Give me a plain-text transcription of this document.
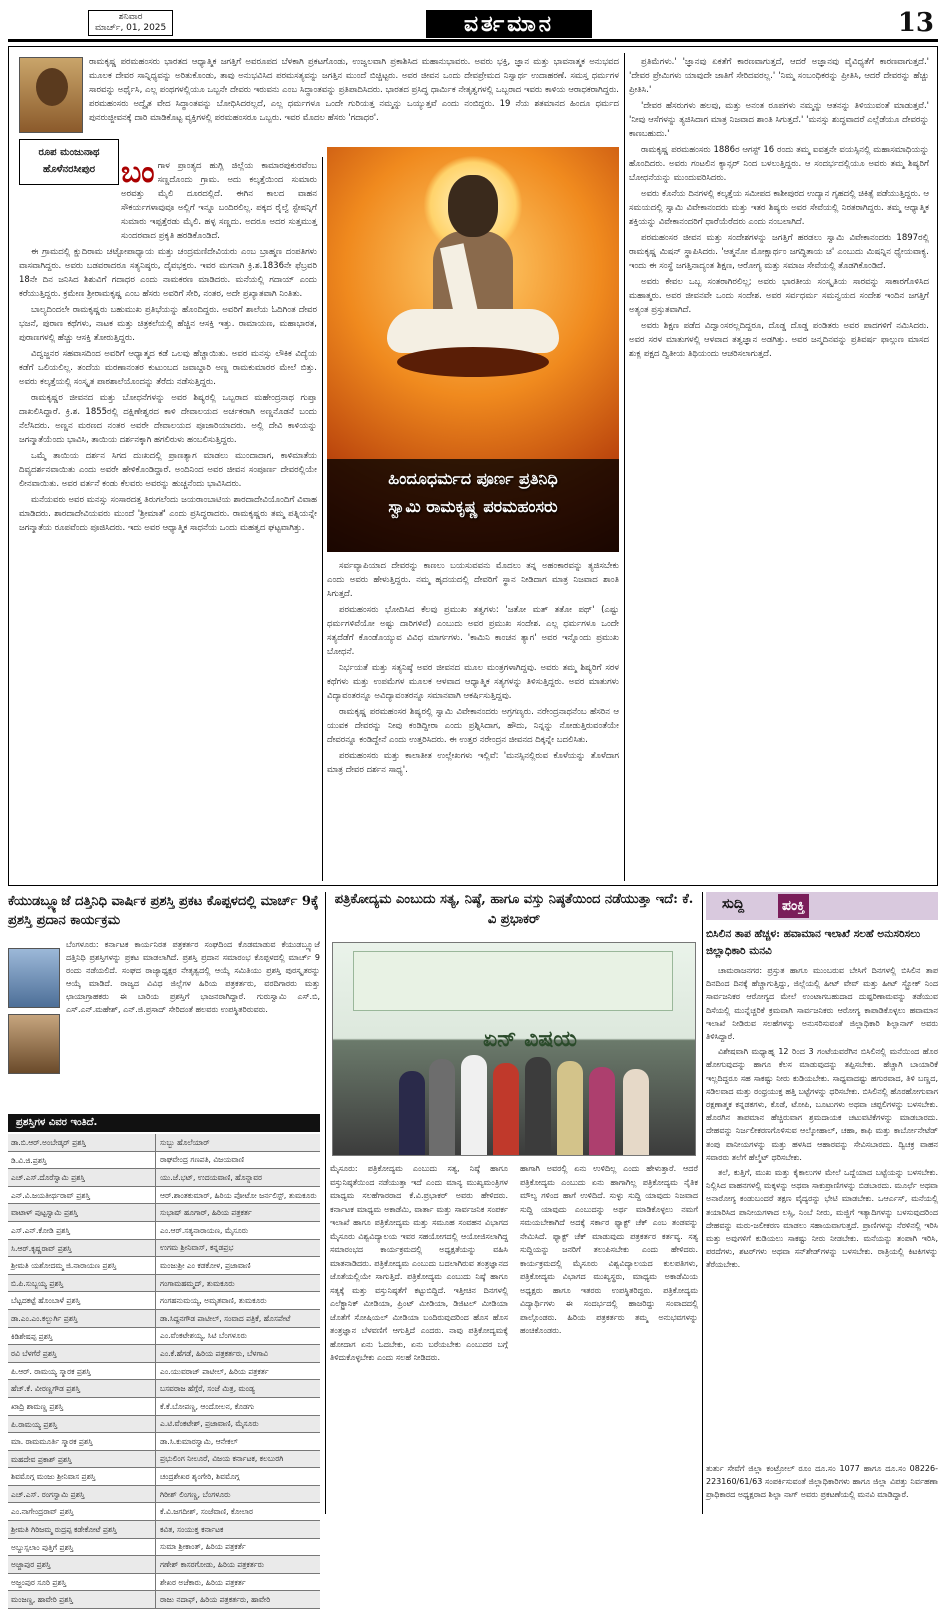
ಶನಿವಾರ
ಮಾರ್ಚ್, 01, 2025	ವರ್ತಮಾನ	13
ರಾಮಕೃಷ್ಣ ಪರಮಹಂಸರು ಭಾರತದ ಆಧ್ಯಾತ್ಮಿಕ ಜಗತ್ತಿಗೆ ಅವರೂಪದ ಬೆಳಕಾಗಿ ಪ್ರಕಟಗೊಂಡು, ಉಜ್ವಲವಾಗಿ ಪ್ರಕಾಶಿಸಿದ ಮಹಾನುಭಾವರು. ಅವರು ಭಕ್ತಿ, ಜ್ಞಾನ ಮತ್ತು ಭಾವನಾತ್ಮಕ ಅನುಭವದ ಮೂಲಕ ದೇವರ ಸಾನ್ನಿಧ್ಯವನ್ನು ಅರಿತುಕೊಂಡು, ತಾವು ಅನುಭವಿಸಿದ ಪರಮಸತ್ಯವನ್ನು ಜಗತ್ತಿನ ಮುಂದೆ ಬಿಚ್ಚಿಟ್ಟರು. ಅವರ ಜೀವನ ಒಂದು ದೇವಪ್ರೇಮದ ನಿಸ್ವಾರ್ಥ ಉದಾಹರಣೆ. ಸಮಸ್ತ ಧರ್ಮಗಳ ಸಾರವನ್ನು ಅರ್ಥೈಸಿ, ಎಲ್ಲ ಪಂಥಗಳಲ್ಲಿಯೂ ಒಬ್ಬನೇ ದೇವರು ಇರುವನು ಎಂಬ ಸಿದ್ಧಾಂತವನ್ನು ಪ್ರತಿಪಾದಿಸಿದರು. ಭಾರತದ ಪ್ರಸಿದ್ಧ ಧಾರ್ಮಿಕ ನೇತೃತ್ವಗಳಲ್ಲಿ ಒಬ್ಬರಾದ ಇವರು ಕಾಳಿಯ ಆರಾಧಕರಾಗಿದ್ದರು. ಪರಮಹಂಸರು ಅದ್ವೈತ ವೇದ ಸಿದ್ಧಾಂತವನ್ನು ಬೋಧಿಸಿದರಲ್ಲದೆ, ಎಲ್ಲ ಧರ್ಮಗಳೂ ಒಂದೇ ಗುರಿಯತ್ತ ನಮ್ಮನ್ನು ಒಯ್ಯುತ್ತವೆ ಎಂದು ನಂಬಿದ್ದರು. 19 ನೆಯ ಶತಮಾನದ ಹಿಂದೂ ಧರ್ಮದ ಪುನರುಜ್ಜೀವನಕ್ಕೆ ದಾರಿ ಮಾಡಿಕೊಟ್ಟ ವ್ಯಕ್ತಿಗಳಲ್ಲಿ ಪರಮಹಂಸರೂ ಒಬ್ಬರು. ಇವರ ಮೊದಲ ಹೆಸರು 'ಗದಾಧರ'.
ರೂಪ ಮಂಜುನಾಥ
ಹೊಳೆನರಸೀಪುರ ಬಂಗಾಳ ಪ್ರಾಂತ್ಯದ ಹುಗ್ಲಿ ಜಿಲ್ಲೆಯ ಕಾಮಾರಪುಕುರವೆಂಬ ಸಣ್ಣದೊಂದು ಗ್ರಾಮ. ಅದು ಕಲ್ಕತ್ತೆಯಿಂದ ಸುಮಾರು ಅರವತ್ತು ಮೈಲಿ ದೂರದಲ್ಲಿದೆ. ಈಗಿನ ಕಾಲದ ವಾಹನ ಸೌಕರ್ಯಗಳಾವುವೂ ಅಲ್ಲಿಗೆ ಇನ್ನೂ ಬಂದಿರಲಿಲ್ಲ. ಪಕ್ಕದ ರೈಲ್ವೆ ಸ್ಟೇಷನ್ನಿಗೆ ಸುಮಾರು ಇಪ್ಪತ್ತೆರಡು ಮೈಲಿ. ಹಳ್ಳ ಸಣ್ಣದು. ಅದರೂ ಅದರ ಸುತ್ತಮುತ್ತ ಸುಂದರವಾದ ಪ್ರಕೃತಿ ಹರಡಿಕೊಂಡಿದೆ.

ಈ ಗ್ರಾಮದಲ್ಲಿ ಕ್ಷುದಿರಾಮ ಚಟ್ಟೋಪಾಧ್ಯಾಯ ಮತ್ತು ಚಂದ್ರಮಣಿದೇವಿಯರು ಎಂಬ ಬ್ರಾಹ್ಮಣ ದಂಪತಿಗಳು ವಾಸವಾಗಿದ್ದರು. ಅವರು ಬಡವರಾದರೂ ಸತ್ಯನಿಷ್ಠರು, ದೈವಭಕ್ತರು. ಇವರ ಮಗನಾಗಿ ಕ್ರಿ.ಶ.1836ನೇ ಫೆಬ್ರವರಿ 18ನೇ ದಿನ ಜನಿಸಿದ ಶಿಶುವಿಗೆ ಗದಾಧರ ಎಂದು ನಾಮಕರಣ ಮಾಡಿದರು. ಮನೆಯಲ್ಲಿ ಗದಾಯ್ ಎಂದು ಕರೆಯುತ್ತಿದ್ದರು. ಕ್ರಮೇಣ ಶ್ರೀರಾಮಕೃಷ್ಣ ಎಂಬ ಹೆಸರು ಅವರಿಗೆ ಸೇರಿ, ನಂತರ, ಅದೇ ಪ್ರಖ್ಯಾತವಾಗಿ ನಿಂತಿತು.

ಬಾಲ್ಯದಿಂದಲೇ ರಾಮಕೃಷ್ಣರು ಬಹುಮುಖ ಪ್ರತಿಭೆಯನ್ನು ಹೊಂದಿದ್ದರು. ಅವರಿಗೆ ಶಾಲೆಯ ಓದಿಗಿಂತ ದೇವರ ಭಜನೆ, ಪುರಾಣ ಕಥೆಗಳು, ನಾಟಕ ಮತ್ತು ಚಿತ್ರಕಲೆಯಲ್ಲಿ ಹೆಚ್ಚಿನ ಆಸಕ್ತಿ ಇತ್ತು. ರಾಮಾಯಣ, ಮಹಾಭಾರತ, ಪುರಾಣಗಳಲ್ಲಿ ಹೆಚ್ಚು ಆಸಕ್ತಿ ತೋರುತ್ತಿದ್ದರು.

ವಿದ್ವಜ್ಜನರ ಸಹವಾಸದಿಂದ ಅವರಿಗೆ ಆಧ್ಯಾತ್ಮದ ಕಡೆ ಒಲವು ಹೆಚ್ಚಾಯಿತು. ಅವರ ಮನಸ್ಸು ಲೌಕಿಕ ವಿದ್ಯೆಯ ಕಡೆಗೆ ಒಲಿಯಲಿಲ್ಲ. ತಂದೆಯ ಮರಣಾನಂತರ ಕುಟುಂಬದ ಜವಾಬ್ದಾರಿ ಅಣ್ಣ ರಾಮಕುಮಾರರ ಮೇಲೆ ಬಿತ್ತು. ಅವರು ಕಲ್ಕತ್ತೆಯಲ್ಲಿ ಸಂಸ್ಕೃತ ಪಾಠಶಾಲೆಯೊಂದನ್ನು ತೆರೆದು ನಡೆಸುತ್ತಿದ್ದರು.

ರಾಮಕೃಷ್ಣರ ಜೀವನದ ಮತ್ತು ಬೋಧನೆಗಳನ್ನು ಅವರ ಶಿಷ್ಯರಲ್ಲಿ ಒಬ್ಬರಾದ ಮಹೇಂದ್ರನಾಥ ಗುಪ್ತಾ ದಾಖಲಿಸಿದ್ದಾರೆ. ಕ್ರಿ.ಶ. 1855ರಲ್ಲಿ ದಕ್ಷಿಣೇಶ್ವರದ ಕಾಳಿ ದೇವಾಲಯದ ಅರ್ಚಕರಾಗಿ ಅಣ್ಣನೊಡನೆ ಬಂದು ನೆಲೆಸಿದರು. ಅಣ್ಣನ ಮರಣದ ನಂತರ ಅವರೇ ದೇವಾಲಯದ ಪೂಜಾರಿಯಾದರು. ಅಲ್ಲಿ ದೇವಿ ಕಾಳಿಯನ್ನು ಜಗನ್ಮಾತೆಯೆಂದು ಭಾವಿಸಿ, ತಾಯಿಯ ದರ್ಶನಕ್ಕಾಗಿ ಹಗಲಿರುಳು ಹಂಬಲಿಸುತ್ತಿದ್ದರು.

ಒಮ್ಮೆ ತಾಯಿಯ ದರ್ಶನ ಸಿಗದ ದುಃಖದಲ್ಲಿ ಪ್ರಾಣತ್ಯಾಗ ಮಾಡಲು ಮುಂದಾದಾಗ, ಕಾಳಿಮಾತೆಯ ದಿವ್ಯದರ್ಶನವಾಯಿತು ಎಂದು ಅವರೇ ಹೇಳಿಕೊಂಡಿದ್ದಾರೆ. ಅಂದಿನಿಂದ ಅವರ ಜೀವನ ಸಂಪೂರ್ಣ ದೇವರಲ್ಲಿಯೇ ಲೀನವಾಯಿತು. ಅವರ ವರ್ತನೆ ಕಂಡು ಕೆಲವರು ಅವರನ್ನು ಹುಚ್ಚನೆಂದು ಭಾವಿಸಿದರು.

ಮನೆಯವರು ಅವರ ಮನಸ್ಸು ಸಂಸಾರದತ್ತ ತಿರುಗಲೆಂದು ಜಯರಾಂಬಾಟಿಯ ಶಾರದಾದೇವಿಯೊಂದಿಗೆ ವಿವಾಹ ಮಾಡಿದರು. ಶಾರದಾದೇವಿಯವರು ಮುಂದೆ 'ಶ್ರೀಮಾತೆ' ಎಂದು ಪ್ರಸಿದ್ಧರಾದರು. ರಾಮಕೃಷ್ಣರು ತಮ್ಮ ಪತ್ನಿಯನ್ನೇ ಜಗನ್ಮಾತೆಯ ರೂಪವೆಂದು ಪೂಜಿಸಿದರು. ಇದು ಅವರ ಆಧ್ಯಾತ್ಮಿಕ ಸಾಧನೆಯ ಒಂದು ಮಹತ್ವದ ಘಟ್ಟವಾಗಿತ್ತು.

ಹಿಂದೂಧರ್ಮದ ಪೂರ್ಣ ಪ್ರತಿನಿಧಿ
ಸ್ವಾಮಿ ರಾಮಕೃಷ್ಣ ಪರಮಹಂಸರು

ಸರ್ವವ್ಯಾಪಿಯಾದ ದೇವರನ್ನು ಕಾಣಲು ಬಯಸುವವನು ಮೊದಲು ತನ್ನ ಅಹಂಕಾರವನ್ನು ತ್ಯಜಿಸಬೇಕು ಎಂದು ಅವರು ಹೇಳುತ್ತಿದ್ದರು. ನಮ್ಮ ಹೃದಯದಲ್ಲಿ ದೇವರಿಗೆ ಸ್ಥಾನ ನೀಡಿದಾಗ ಮಾತ್ರ ನಿಜವಾದ ಶಾಂತಿ ಸಿಗುತ್ತದೆ.

ಪರಮಹಂಸರು ಭೋದಿಸಿದ ಕೆಲವು ಪ್ರಮುಖ ತತ್ವಗಳು: 'ಜತೋ ಮತ್ ತತೋ ಪಥ್' (ಎಷ್ಟು ಧರ್ಮಗಳಿವೆಯೋ ಅಷ್ಟು ದಾರಿಗಳಿವೆ) ಎಂಬುದು ಅವರ ಪ್ರಮುಖ ಸಂದೇಶ. ಎಲ್ಲ ಧರ್ಮಗಳೂ ಒಂದೇ ಸತ್ಯದೆಡೆಗೆ ಕೊಂಡೊಯ್ಯುವ ವಿವಿಧ ಮಾರ್ಗಗಳು. 'ಕಾಮಿನಿ ಕಾಂಚನ ತ್ಯಾಗ' ಅವರ ಇನ್ನೊಂದು ಪ್ರಮುಖ ಬೋಧನೆ.

ನಿರ್ಭಯತೆ ಮತ್ತು ಸತ್ಯನಿಷ್ಠೆ ಅವರ ಜೀವನದ ಮೂಲ ಮಂತ್ರಗಳಾಗಿದ್ದವು. ಅವರು ತಮ್ಮ ಶಿಷ್ಯರಿಗೆ ಸರಳ ಕಥೆಗಳು ಮತ್ತು ಉಪಮೆಗಳ ಮೂಲಕ ಆಳವಾದ ಆಧ್ಯಾತ್ಮಿಕ ಸತ್ಯಗಳನ್ನು ತಿಳಿಸುತ್ತಿದ್ದರು. ಅವರ ಮಾತುಗಳು ವಿದ್ಯಾವಂತರನ್ನೂ ಅವಿದ್ಯಾವಂತರನ್ನೂ ಸಮಾನವಾಗಿ ಆಕರ್ಷಿಸುತ್ತಿದ್ದವು.

ರಾಮಕೃಷ್ಣ ಪರಮಹಂಸರ ಶಿಷ್ಯರಲ್ಲಿ ಸ್ವಾಮಿ ವಿವೇಕಾನಂದರು ಅಗ್ರಗಣ್ಯರು. ನರೇಂದ್ರನಾಥನೆಂಬ ಹೆಸರಿನ ಆ ಯುವಕ ದೇವರನ್ನು ನೀವು ಕಂಡಿದ್ದೀರಾ ಎಂದು ಪ್ರಶ್ನಿಸಿದಾಗ, ಹೌದು, ನಿನ್ನನ್ನು ನೋಡುತ್ತಿರುವಂತೆಯೇ ದೇವರನ್ನೂ ಕಂಡಿದ್ದೇನೆ ಎಂದು ಉತ್ತರಿಸಿದರು. ಈ ಉತ್ತರ ನರೇಂದ್ರನ ಜೀವನದ ದಿಕ್ಕನ್ನೇ ಬದಲಿಸಿತು.

ಪರಮಹಂಸರು ಮತ್ತು ಕಾಲಾತೀತ ಉಲ್ಲೇಖಗಳು ಇಲ್ಲಿವೆ: 'ಮನಸ್ಸಿನಲ್ಲಿರುವ ಕೊಳೆಯನ್ನು ತೊಳೆದಾಗ ಮಾತ್ರ ದೇವರ ದರ್ಶನ ಸಾಧ್ಯ'.

ಪ್ರತಿಮೆಗಳು.' 'ಜ್ಞಾನವು ಏಕತೆಗೆ ಕಾರಣವಾಗುತ್ತದೆ, ಆದರೆ ಅಜ್ಞಾನವು ವೈವಿಧ್ಯತೆಗೆ ಕಾರಣವಾಗುತ್ತದೆ.' 'ದೇವರ ಪ್ರೇಮಿಗಳು ಯಾವುದೇ ಜಾತಿಗೆ ಸೇರಿದವರಲ್ಲ.' 'ನಿಮ್ಮ ಸಂಬಂಧಿಕರನ್ನು ಪ್ರೀತಿಸಿ, ಆದರೆ ದೇವರನ್ನು ಹೆಚ್ಚು ಪ್ರೀತಿಸಿ.'

'ದೇವರ ಹೆಸರುಗಳು ಹಲವು, ಮತ್ತು ಅನಂತ ರೂಪಗಳು ನಮ್ಮನ್ನು ಆತನನ್ನು ತಿಳಿಯುವಂತೆ ಮಾಡುತ್ತವೆ.' 'ನೀವು ಆಸೆಗಳನ್ನು ತ್ಯಜಿಸಿದಾಗ ಮಾತ್ರ ನಿಜವಾದ ಶಾಂತಿ ಸಿಗುತ್ತದೆ.' 'ಮನಸ್ಸು ಶುದ್ಧವಾದರೆ ಎಲ್ಲೆಡೆಯೂ ದೇವರನ್ನು ಕಾಣಬಹುದು.'

ರಾಮಕೃಷ್ಣ ಪರಮಹಂಸರು 1886ರ ಆಗಸ್ಟ್ 16 ರಂದು ತಮ್ಮ ಐವತ್ತನೇ ವಯಸ್ಸಿನಲ್ಲಿ ಮಹಾಸಮಾಧಿಯನ್ನು ಹೊಂದಿದರು. ಅವರು ಗಂಟಲಿನ ಕ್ಯಾನ್ಸರ್ ನಿಂದ ಬಳಲುತ್ತಿದ್ದರು. ಆ ಸಂದರ್ಭದಲ್ಲಿಯೂ ಅವರು ತಮ್ಮ ಶಿಷ್ಯರಿಗೆ ಬೋಧನೆಯನ್ನು ಮುಂದುವರಿಸಿದರು.

ಅವರು ಕೊನೆಯ ದಿನಗಳಲ್ಲಿ ಕಲ್ಕತ್ತೆಯ ಸಮೀಪದ ಕಾಶೀಪುರದ ಉದ್ಯಾನ ಗೃಹದಲ್ಲಿ ಚಿಕಿತ್ಸೆ ಪಡೆಯುತ್ತಿದ್ದರು. ಆ ಸಮಯದಲ್ಲಿ ಸ್ವಾಮಿ ವಿವೇಕಾನಂದರು ಮತ್ತು ಇತರ ಶಿಷ್ಯರು ಅವರ ಸೇವೆಯಲ್ಲಿ ನಿರತರಾಗಿದ್ದರು. ತಮ್ಮ ಆಧ್ಯಾತ್ಮಿಕ ಶಕ್ತಿಯನ್ನು ವಿವೇಕಾನಂದರಿಗೆ ಧಾರೆಯೆರೆದರು ಎಂದು ನಂಬಲಾಗಿದೆ.

ಪರಮಹಂಸರ ಜೀವನ ಮತ್ತು ಸಂದೇಶಗಳನ್ನು ಜಗತ್ತಿಗೆ ಹರಡಲು ಸ್ವಾಮಿ ವಿವೇಕಾನಂದರು 1897ರಲ್ಲಿ ರಾಮಕೃಷ್ಣ ಮಿಷನ್ ಸ್ಥಾಪಿಸಿದರು. 'ಆತ್ಮನೋ ಮೋಕ್ಷಾರ್ಥಂ ಜಗದ್ಧಿತಾಯ ಚ' ಎಂಬುದು ಮಿಷನ್ನಿನ ಧ್ಯೇಯವಾಕ್ಯ. ಇಂದು ಈ ಸಂಸ್ಥೆ ಜಗತ್ತಿನಾದ್ಯಂತ ಶಿಕ್ಷಣ, ಆರೋಗ್ಯ ಮತ್ತು ಸಮಾಜ ಸೇವೆಯಲ್ಲಿ ತೊಡಗಿಕೊಂಡಿದೆ.

ಅವರು ಕೇವಲ ಒಬ್ಬ ಸಂತರಾಗಿರಲಿಲ್ಲ; ಅವರು ಭಾರತೀಯ ಸಂಸ್ಕೃತಿಯ ಸಾರವನ್ನು ಸಾಕಾರಗೊಳಿಸಿದ ಮಹಾತ್ಮರು. ಅವರ ಜೀವನವೇ ಒಂದು ಸಂದೇಶ. ಅವರ ಸರ್ವಧರ್ಮ ಸಮನ್ವಯದ ಸಂದೇಶ ಇಂದಿನ ಜಗತ್ತಿಗೆ ಅತ್ಯಂತ ಪ್ರಸ್ತುತವಾಗಿದೆ.

ಅವರು ಶಿಕ್ಷಣ ಪಡೆದ ವಿದ್ವಾಂಸರಲ್ಲದಿದ್ದರೂ, ದೊಡ್ಡ ದೊಡ್ಡ ಪಂಡಿತರು ಅವರ ಪಾದಗಳಿಗೆ ನಮಿಸಿದರು. ಅವರ ಸರಳ ಮಾತುಗಳಲ್ಲಿ ಆಳವಾದ ತತ್ವಜ್ಞಾನ ಅಡಗಿತ್ತು. ಅವರ ಜನ್ಮದಿನವನ್ನು ಪ್ರತಿವರ್ಷ ಫಾಲ್ಗುಣ ಮಾಸದ ಶುಕ್ಲ ಪಕ್ಷದ ದ್ವಿತೀಯ ತಿಥಿಯಂದು ಆಚರಿಸಲಾಗುತ್ತದೆ.

ಕೆಯುಡಬ್ಲ್ಯೂಜೆ ದತ್ತಿನಿಧಿ ವಾರ್ಷಿಕ ಪ್ರಶಸ್ತಿ ಪ್ರಕಟ ಕೊಪ್ಪಳದಲ್ಲಿ ಮಾರ್ಚ್ 9ಕ್ಕೆ ಪ್ರಶಸ್ತಿ ಪ್ರದಾನ ಕಾರ್ಯಕ್ರಮ
ಬೆಂಗಳೂರು: ಕರ್ನಾಟಕ ಕಾರ್ಯನಿರತ ಪತ್ರಕರ್ತರ ಸಂಘದಿಂದ ಕೊಡಮಾಡುವ ಕೆಯುಡಬ್ಲ್ಯೂಜೆ ದತ್ತಿನಿಧಿ ಪ್ರಶಸ್ತಿಗಳನ್ನು ಪ್ರಕಟ ಮಾಡಲಾಗಿದೆ. ಪ್ರಶಸ್ತಿ ಪ್ರದಾನ ಸಮಾರಂಭ ಕೊಪ್ಪಳದಲ್ಲಿ ಮಾರ್ಚ್ 9 ರಂದು ನಡೆಯಲಿದೆ. ಸಂಘದ ರಾಜ್ಯಾಧ್ಯಕ್ಷರ ನೇತೃತ್ವದಲ್ಲಿ ಆಯ್ಕೆ ಸಮಿತಿಯು ಪ್ರಶಸ್ತಿ ಪುರಸ್ಕೃತರನ್ನು ಆಯ್ಕೆ ಮಾಡಿದೆ. ರಾಜ್ಯದ ವಿವಿಧ ಜಿಲ್ಲೆಗಳ ಹಿರಿಯ ಪತ್ರಕರ್ತರು, ವರದಿಗಾರರು ಮತ್ತು ಛಾಯಾಗ್ರಾಹಕರು ಈ ಬಾರಿಯ ಪ್ರಶಸ್ತಿಗೆ ಭಾಜನರಾಗಿದ್ದಾರೆ. ಗುರುಸ್ವಾಮಿ ಎಸ್.ಬಿ, ಎಸ್.ಎನ್.ಮಹೇಶ್, ಎನ್.ಜಿ.ಪ್ರಸಾದ್ ಸೇರಿದಂತೆ ಹಲವರು ಉಪಸ್ಥಿತರಿರುವರು.
ಪ್ರಶಸ್ತಿಗಳ ವಿವರ ಇಂತಿದೆ.
ಡಾ.ಬಿ.ಆರ್.ಅಂಬೇಡ್ಕರ್ ಪ್ರಶಸ್ತಿ	ಸುಬ್ಬು ಹೊಲೆಯಾರ್
ಡಿ.ವಿ.ಜಿ.ಪ್ರಶಸ್ತಿ	ರಾಘವೇಂದ್ರ ಗಣಪತಿ, ವಿಜಯವಾಣಿ
ಎಚ್.ಎಸ್.ದೊರೆಸ್ವಾಮಿ ಪ್ರಶಸ್ತಿ	ಯು.ಜೆ.ಭಟ್, ಉದಯವಾಣಿ, ಹೊನ್ನಾವರ
ಎನ್.ವಿ.ಜಯತೀರ್ಥರಾವ್ ಪ್ರಶಸ್ತಿ	ಆರ್.ಶಾಂತಕುಮಾರ್, ಹಿರಿಯ ಪೋಟೋ ಜರ್ನಲಿಸ್ಟ್, ತುಮಕೂರು
ವಾಟಾಳ್ ಪುಟ್ಟಸ್ವಾಮಿ ಪ್ರಶಸ್ತಿ	ಸುಭಾಷ್ ಹೂಗಾರ್, ಹಿರಿಯ ಪತ್ರಕರ್ತ
ಎಸ್.ಎನ್.ಕೋಡಿ ಪ್ರಶಸ್ತಿ	ಎಂ.ಆರ್.ಸತ್ಯನಾರಾಯಣ, ಮೈಸೂರು
ಸಿ.ಆರ್.ಕೃಷ್ಣರಾವ್ ಪ್ರಶಸ್ತಿ	ಉಗಮ ಶ್ರೀನಿವಾಸ್, ಕನ್ನಡಪ್ರಭ
ಶ್ರೀಮತಿ ಯಶೋದಮ್ಮ ಜಿ.ನಾರಾಯಣ ಪ್ರಶಸ್ತಿ	ಮಂಜುಶ್ರೀ ಎಂ ಕಡಕೋಳ, ಪ್ರಜಾವಾಣಿ
ಬಿ.ಪಿ.ಸುಬ್ಬಯ್ಯ ಪ್ರಶಸ್ತಿ	ಗಂಗಾಮಹಮ್ಮದ್, ತುಮಕೂರು
ಬೆಟ್ಟದಕಟ್ಟೆ ಹೊಂಬಾಳೆ ಪ್ರಶಸ್ತಿ	ಗಂಗಹನುಮಯ್ಯ, ಅಮೃತವಾಣಿ, ತುಮಕೂರು
ಡಾ.ಎಂ.ಎಂ.ಕಲ್ಬುರ್ಗಿ ಪ್ರಶಸ್ತಿ	ಡಾ.ಸಿದ್ದನಗೌಡ ಪಾಟೀಲ್, ಸಂವಾದ ಪತ್ರಿಕೆ, ಹೊಸಪೇಟೆ
ಕಿಡಿಶೇಷಪ್ಪ ಪ್ರಶಸ್ತಿ	ಎಂ.ವೆಂಕಟೇಶಯ್ಯ, ಸಿಟಿ ಬೆಂಗಳೂರು
ರವಿ ಬೆಳಗೆರೆ ಪ್ರಶಸ್ತಿ	ಎಂ.ಕೆ.ಹೆಗಡೆ, ಹಿರಿಯ ಪತ್ರಕರ್ತರು, ಬೆಳಗಾವಿ
ಪಿ.ಆರ್. ರಾಮಯ್ಯ ಸ್ಮಾರಕ ಪ್ರಶಸ್ತಿ	ಎಂ.ಯುವರಾಜ್ ಪಾಟೀಲ್, ಹಿರಿಯ ಪತ್ರಕರ್ತ
ಹೆಚ್.ಕೆ. ವೀರಣ್ಣಗೌಡ ಪ್ರಶಸ್ತಿ	ಬಸವರಾಜ ಹೆಗ್ಗೆರೆ, ಸಂಜೆ ಮಿತ್ರ, ಮಂಡ್ಯ
ಖಾದ್ರಿ ಶಾಮಣ್ಣ ಪ್ರಶಸ್ತಿ	ಕೆ.ಕೆ.ಬೋಪಣ್ಣ, ಆಂದೋಲನ, ಕೊಡಗು
ಪಿ.ರಾಮಯ್ಯ ಪ್ರಶಸ್ತಿ	ಎ.ಟಿ.ವೆಂಕಟೇಶ್, ಪ್ರಜಾವಾಣಿ, ಮೈಸೂರು
ಮಾ. ರಾಮಮೂರ್ತಿ ಸ್ಮಾರಕ ಪ್ರಶಸ್ತಿ	ಡಾ.ಸಿ.ಕುಮಾರಸ್ವಾಮಿ, ಆನೇಕಲ್
ಮಹದೇವ ಪ್ರಕಾಶ್ ಪ್ರಶಸ್ತಿ	ಪ್ರಭುಲಿಂಗ ನೀಲೂರೆ, ವಿಜಯ ಕರ್ನಾಟಕ, ಕಲಬುರಗಿ
ಶಿವಮೊಗ್ಗ ಮಂಜು ಶ್ರೀನಿವಾಸ ಪ್ರಶಸ್ತಿ	ಚಂದ್ರಶೇಖರ ಶೃಂಗೇರಿ, ಶಿವಮೊಗ್ಗ
ಎಚ್.ಎಸ್. ರಂಗಸ್ವಾಮಿ ಪ್ರಶಸ್ತಿ	ಗಿರೀಶ್ ಲಿಂಗಣ್ಣ, ಬೆಂಗಳೂರು
ಎಂ.ನಾಗೇಂದ್ರರಾವ್ ಪ್ರಶಸ್ತಿ	ಕೆ.ವಿ.ಜಗದೀಶ್, ಸಂಜೆವಾಣಿ, ಕೋಲಾರ
ಶ್ರೀಮತಿ ಗಿರಿಜಮ್ಮ ರುದ್ರಪ್ಪ ಕಡೇಕೋಟೆ ಪ್ರಶಸ್ತಿ	ಕವಿತ, ಸಂಯುಕ್ತ ಕರ್ನಾಟಕ
ಅಬ್ದುಸ್ಸಲಾಂ ಪುತ್ತಿಗೆ ಪ್ರಶಸ್ತಿ	ಸುಮಾ ಶ್ರೀಕಾಂತ್, ಹಿರಿಯ ಪತ್ರಕರ್ತೆ
ಅಜ್ಜಾಪುರ ಪ್ರಶಸ್ತಿ	ಗಣೇಶ್ ಕಾಸರಗೋಡು, ಹಿರಿಯ ಪತ್ರಕರ್ತರು
ಅಜ್ಜಂಪುರ ಸೂರಿ ಪ್ರಶಸ್ತಿ	ಶೇಖರ ಅಜೆಕಾರು, ಹಿರಿಯ ಪತ್ರಕರ್ತ
ಮಂಜಣ್ಣ, ಹಾವೇರಿ ಪ್ರಶಸ್ತಿ	ರಾಜು ನದಾಫ್, ಹಿರಿಯ ಪತ್ರಕರ್ತರು, ಹಾವೇರಿ
ಪತ್ರಿಕೋದ್ಯಮ ಎಂಬುದು ಸತ್ಯ, ನಿಷ್ಠೆ, ಹಾಗೂ ವಸ್ತು ನಿಷ್ಠತೆಯಿಂದ ನಡೆಯುತ್ತಾ ಇದೆ: ಕೆ. ವಿ ಪ್ರಭಾಕರ್
ಏನ್ ವಿಷಯ
ಮೈಸೂರು: ಪತ್ರಿಕೋದ್ಯಮ ಎಂಬುದು ಸತ್ಯ, ನಿಷ್ಠೆ ಹಾಗೂ ವಸ್ತುನಿಷ್ಠತೆಯಿಂದ ನಡೆಯುತ್ತಾ ಇದೆ ಎಂದು ಮಾನ್ಯ ಮುಖ್ಯಮಂತ್ರಿಗಳ ಮಾಧ್ಯಮ ಸಲಹೆಗಾರರಾದ ಕೆ.ವಿ.ಪ್ರಭಾಕರ್ ಅವರು ಹೇಳಿದರು. ಕರ್ನಾಟಕ ಮಾಧ್ಯಮ ಅಕಾಡೆಮಿ, ವಾರ್ತಾ ಮತ್ತು ಸಾರ್ವಜನಿಕ ಸಂಪರ್ಕ ಇಲಾಖೆ ಹಾಗೂ ಪತ್ರಿಕೋದ್ಯಮ ಮತ್ತು ಸಮೂಹ ಸಂವಹನ ವಿಭಾಗದ ಮೈಸೂರು ವಿಶ್ವವಿದ್ಯಾಲಯ ಇವರ ಸಹಯೋಗದಲ್ಲಿ ಆಯೋಜಿಸಲಾಗಿದ್ದ ಸಮಾರಂಭದ ಕಾರ್ಯಕ್ರಮದಲ್ಲಿ ಅಧ್ಯಕ್ಷತೆಯನ್ನು ವಹಿಸಿ ಮಾತನಾಡಿದರು. ಪತ್ರಿಕೋದ್ಯಮ ಎಂಬುದು ಬದಲಾಗಿರುವ ತಂತ್ರಜ್ಞಾನದ ಜೊತೆಯಲ್ಲಿಯೇ ಸಾಗುತ್ತಿದೆ. ಪತ್ರಿಕೋದ್ಯಮ ಎಂಬುದು ನಿಷ್ಠೆ ಹಾಗೂ ಸತ್ಯಕ್ಕೆ ಮತ್ತು ವಸ್ತುನಿಷ್ಠತೆಗೆ ಕಟ್ಟುಬಿದ್ದಿದೆ. ಇತ್ತೀಚಿನ ದಿನಗಳಲ್ಲಿ ಎಲೆಕ್ಟ್ರಾನಿಕ್ ಮೀಡಿಯಾ, ಪ್ರಿಂಟ್ ಮೀಡಿಯಾ, ಡಿಜಿಟಲ್ ಮೀಡಿಯಾ ಜೊತೆಗೆ ಸೋಷಿಯಲ್ ಮೀಡಿಯಾ ಬಂದಿರುವುದರಿಂದ ಹೊಸ ಹೊಸ ತಂತ್ರಜ್ಞಾನ ಬೆಳವಣಿಗೆ ಆಗುತ್ತಿದೆ ಎಂದರು. ನಾವು ಪತ್ರಿಕೋದ್ಯಮಕ್ಕೆ ಹೋದಾಗ ಏನು ಓದಬೇಕು, ಏನು ಬರೆಯಬೇಕು ಎಂಬುದರ ಬಗ್ಗೆ ತಿಳಿದುಕೊಳ್ಳಬೇಕು ಎಂದು ಸಲಹೆ ನೀಡಿದರು.
ಹಾಗಾಗಿ ಅವರಲ್ಲಿ ಏನು ಉಳಿದಿಲ್ಲ ಎಂದು ಹೇಳುತ್ತಾರೆ. ಆದರೆ ಪತ್ರಿಕೋದ್ಯಮ ಎಂಬುದು ಏನು ಹಾಗಾಗಿಲ್ಲ ಪತ್ರಿಕೋದ್ಯಮ ನೈತಿಕ ಮೌಲ್ಯ ಗಳಿಂದ ಹಾಗೆ ಉಳಿದಿದೆ. ಸುಳ್ಳು ಸುದ್ದಿ ಯಾವುದು ನಿಜವಾದ ಸುದ್ದಿ ಯಾವುದು ಎಂಬುದನ್ನು ಅರ್ಥ ಮಾಡಿಕೊಳ್ಳಲು ನಮಗೆ ಸಮಯಬೇಕಾಗಿದೆ ಅದಕ್ಕೆ ಸರ್ಕಾರ ಫ್ಯಾಕ್ಟ್ ಚೆಕ್ ಎಂಬ ತಂಡವನ್ನು ನೇಮಿಸಿದೆ. ಫ್ಯಾಕ್ಟ್ ಚೆಕ್ ಮಾಡುವುದು ಪತ್ರಕರ್ತರ ಕರ್ತವ್ಯ. ಸತ್ಯ ಸುದ್ದಿಯನ್ನು ಜನರಿಗೆ ತಲುಪಿಸಬೇಕು ಎಂದು ಹೇಳಿದರು. ಕಾರ್ಯಕ್ರಮದಲ್ಲಿ ಮೈಸೂರು ವಿಶ್ವವಿದ್ಯಾಲಯದ ಕುಲಪತಿಗಳು, ಪತ್ರಿಕೋದ್ಯಮ ವಿಭಾಗದ ಮುಖ್ಯಸ್ಥರು, ಮಾಧ್ಯಮ ಅಕಾಡೆಮಿಯ ಅಧ್ಯಕ್ಷರು ಹಾಗೂ ಇತರರು ಉಪಸ್ಥಿತರಿದ್ದರು. ಪತ್ರಿಕೋದ್ಯಮ ವಿದ್ಯಾರ್ಥಿಗಳು ಈ ಸಂದರ್ಭದಲ್ಲಿ ಹಾಜರಿದ್ದು ಸಂವಾದದಲ್ಲಿ ಪಾಲ್ಗೊಂಡರು. ಹಿರಿಯ ಪತ್ರಕರ್ತರು ತಮ್ಮ ಅನುಭವಗಳನ್ನು ಹಂಚಿಕೊಂಡರು.
ಸುದ್ದಿ	ಪಂಕ್ತಿ
ಬಿಸಿಲಿನ ತಾಪ ಹೆಚ್ಚಳ: ಹವಾಮಾನ ಇಲಾಖೆ ಸಲಹೆ ಅನುಸರಿಸಲು ಜಿಲ್ಲಾಧಿಕಾರಿ ಮನವಿ

ಚಾಮರಾಜನಗರ: ಪ್ರಸ್ತುತ ಹಾಗೂ ಮುಂಬರುವ ಬೇಸಿಗೆ ದಿನಗಳಲ್ಲಿ ಬಿಸಿಲಿನ ತಾಪ ದಿನದಿಂದ ದಿನಕ್ಕೆ ಹೆಚ್ಚಾಗುತ್ತಿದ್ದು, ಜಿಲ್ಲೆಯಲ್ಲಿ ಹೀಟ್ ವೇವ್ ಮತ್ತು ಹೀಟ್ ಸ್ಟ್ರೋಕ್ ನಿಂದ ಸಾರ್ವಜನಿಕರ ಆರೋಗ್ಯದ ಮೇಲೆ ಉಂಟಾಗಬಹುದಾದ ದುಷ್ಪರಿಣಾಮವನ್ನು ತಡೆಯುವ ದಿಸೆಯಲ್ಲಿ ಮುನ್ನೆಚ್ಚರಿಕೆ ಕ್ರಮವಾಗಿ ಸಾರ್ವಜನಿಕರು ಆರೋಗ್ಯ ಕಾಪಾಡಿಕೊಳ್ಳಲು ಹವಾಮಾನ ಇಲಾಖೆ ನೀಡಿರುವ ಸಲಹೆಗಳನ್ನು ಅನುಸರಿಸುವಂತೆ ಜಿಲ್ಲಾಧಿಕಾರಿ ಶಿಲ್ಪಾನಾಗ್ ಅವರು ತಿಳಿಸಿದ್ದಾರೆ.

ವಿಶೇಷವಾಗಿ ಮಧ್ಯಾಹ್ನ 12 ರಿಂದ 3 ಗಂಟೆಯವರೆಗಿನ ಬಿಸಿಲಿನಲ್ಲಿ ಮನೆಯಿಂದ ಹೊರ ಹೋಗುವುದನ್ನು ಹಾಗೂ ಕೆಲಸ ಮಾಡುವುದನ್ನು ತಪ್ಪಿಸಬೇಕು. ಹೆಚ್ಚಾಗಿ ಬಾಯಾರಿಕೆ ಇಲ್ಲದಿದ್ದರೂ ಸಹ ಸಾಕಷ್ಟು ನೀರು ಕುಡಿಯಬೇಕು. ಸಾಧ್ಯವಾದಷ್ಟು ಹಗುರವಾದ, ತಿಳಿ ಬಣ್ಣದ, ಸಡಿಲವಾದ ಮತ್ತು ರಂಧ್ರಯುಕ್ತ ಹತ್ತಿ ಬಟ್ಟೆಗಳನ್ನು ಧರಿಸಬೇಕು. ಬಿಸಿಲಿನಲ್ಲಿ ಹೊರಹೋಗುವಾಗ ರಕ್ಷಣಾತ್ಮಕ ಕನ್ನಡಕಗಳು, ಕೊಡೆ, ಟೋಪಿ, ಬೂಟುಗಳು ಅಥವಾ ಚಪ್ಪಲಿಗಳನ್ನು ಬಳಸಬೇಕು. ಹೊರಗಿನ ತಾಪಮಾನ ಹೆಚ್ಚಿರುವಾಗ ಶ್ರಮದಾಯಕ ಚಟುವಟಿಕೆಗಳನ್ನು ಮಾಡಬಾರದು. ದೇಹವನ್ನು ನಿರ್ಜಲೀಕರಣಗೊಳಿಸುವ ಆಲ್ಕೋಹಾಲ್, ಚಹಾ, ಕಾಫಿ ಮತ್ತು ಕಾರ್ಬೋನೇಟೆಡ್ ತಂಪು ಪಾನೀಯಗಳನ್ನು ಮತ್ತು ಹಳಸಿದ ಆಹಾರವನ್ನು ಸೇವಿಸಬಾರದು. ದ್ವಿಚಕ್ರ ವಾಹನ ಸವಾರರು ತಲೆಗೆ ಹೆಲ್ಮೆಟ್ ಧರಿಸಬೇಕು.

ತಲೆ, ಕುತ್ತಿಗೆ, ಮುಖ ಮತ್ತು ಕೈಕಾಲುಗಳ ಮೇಲೆ ಒದ್ದೆಯಾದ ಬಟ್ಟೆಯನ್ನು ಬಳಸಬೇಕು. ನಿಲ್ಲಿಸಿದ ವಾಹನಗಳಲ್ಲಿ ಮಕ್ಕಳನ್ನು ಅಥವಾ ಸಾಕುಪ್ರಾಣಿಗಳನ್ನು ಬಿಡಬಾರದು. ಮೂರ್ಛೆ ಅಥವಾ ಅನಾರೋಗ್ಯ ಕಂಡುಬಂದರೆ ತಕ್ಷಣ ವೈದ್ಯರನ್ನು ಭೇಟಿ ಮಾಡಬೇಕು. ಒಆರ್ಎಸ್, ಮನೆಯಲ್ಲಿ ತಯಾರಿಸಿದ ಪಾನೀಯಗಳಾದ ಲಸ್ಸಿ, ನಿಂಬೆ ನೀರು, ಮಜ್ಜಿಗೆ ಇತ್ಯಾದಿಗಳನ್ನು ಬಳಸುವುದರಿಂದ ದೇಹವನ್ನು ಮರು-ಜಲೀಕರಣ ಮಾಡಲು ಸಹಾಯವಾಗುತ್ತದೆ. ಪ್ರಾಣಿಗಳನ್ನು ನೆರಳಿನಲ್ಲಿ ಇರಿಸಿ ಮತ್ತು ಅವುಗಳಿಗೆ ಕುಡಿಯಲು ಸಾಕಷ್ಟು ನೀರು ನೀಡಬೇಕು. ಮನೆಯನ್ನು ತಂಪಾಗಿ ಇರಿಸಿ, ಪರದೆಗಳು, ಶಟರ್‌ಗಳು ಅಥವಾ ಸನ್‌ಶೇಡ್‌ಗಳನ್ನು ಬಳಸಬೇಕು. ರಾತ್ರಿಯಲ್ಲಿ ಕಿಟಕಿಗಳನ್ನು ತೆರೆಯಬೇಕು.

ತುರ್ತು ಸೇವೆಗೆ ಜಿಲ್ಲಾ ಕಂಟ್ರೋಲ್ ರೂಂ ದೂ.ಸಂ 1077 ಹಾಗೂ ದೂ.ಸಂ 08226- 223160/61/63 ಸಂಪರ್ಕಿಸುವಂತೆ ಜಿಲ್ಲಾಧಿಕಾರಿಗಳು ಹಾಗೂ ಜಿಲ್ಲಾ ವಿಪತ್ತು ನಿರ್ವಹಣಾ ಪ್ರಾಧಿಕಾರದ ಅಧ್ಯಕ್ಷರಾದ ಶಿಲ್ಪಾ ನಾಗ್ ಅವರು ಪ್ರಕಟಣೆಯಲ್ಲಿ ಮನವಿ ಮಾಡಿದ್ದಾರೆ.
